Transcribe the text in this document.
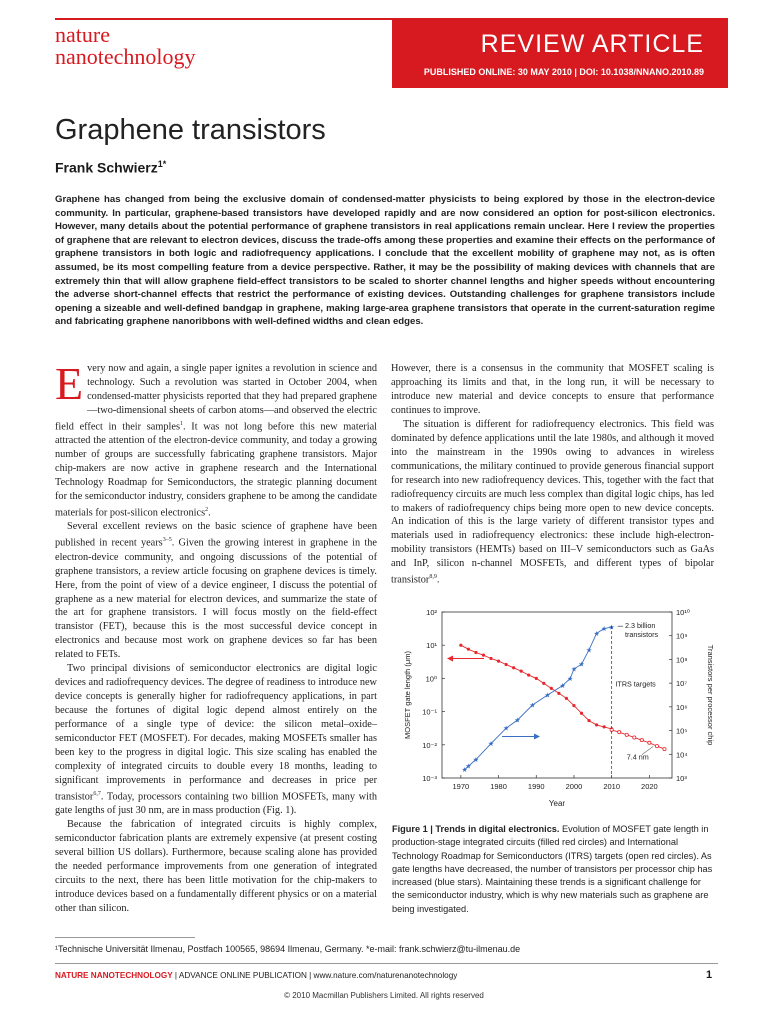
nature
nanotechnology	REVIEW ARTICLE
PUBLISHED ONLINE: 30 MAY 2010 | DOI: 10.1038/NNANO.2010.89
Graphene transistors
Frank Schwierz$^{1*}$
Graphene has changed from being the exclusive domain of condensed-matter physicists to being explored by those in the electron-device community. In particular, graphene-based transistors have developed rapidly and are now considered an option for post-silicon electronics. However, many details about the potential performance of graphene transistors in real applications remain unclear. Here I review the properties of graphene that are relevant to electron devices, discuss the trade-offs among these properties and examine their effects on the performance of graphene transistors in both logic and radiofrequency applications. I conclude that the excellent mobility of graphene may not, as is often assumed, be its most compelling feature from a device perspective. Rather, it may be the possibility of making devices with channels that are extremely thin that will allow graphene field-effect transistors to be scaled to shorter channel lengths and higher speeds without encountering the adverse short-channel effects that restrict the performance of existing devices. Outstanding challenges for graphene transistors include opening a sizeable and well-defined bandgap in graphene, making large-area graphene transistors that operate in the current-saturation regime and fabricating graphene nanoribbons with well-defined widths and clean edges.

Every now and again, a single paper ignites a revolution in science and technology. Such a revolution was started in October 2004, when condensed-matter physicists reported that they had prepared graphene—two-dimensional sheets of carbon atoms—and observed the electric field effect in their samples$^1$. It was not long before this new material attracted the attention of the electron-device community, and today a growing number of groups are successfully fabricating graphene transistors. Major chip-makers are now active in graphene research and the International Technology Roadmap for Semiconductors, the strategic planning document for the semiconductor industry, considers graphene to be among the candidate materials for post-silicon electronics$^2$.

Several excellent reviews on the basic science of graphene have been published in recent years$^{3-5}$. Given the growing interest in graphene in the electron-device community, and ongoing discussions of the potential of graphene transistors, a review article focusing on graphene devices is timely. Here, from the point of view of a device engineer, I discuss the potential of graphene as a new material for electron devices, and summarize the state of the art for graphene transistors. I will focus mostly on the field-effect transistor (FET), because this is the most successful device concept in electronics and because most work on graphene devices so far has been related to FETs.

Two principal divisions of semiconductor electronics are digital logic devices and radiofrequency devices. The degree of readiness to introduce new device concepts is generally higher for radiofrequency applications, in part because the fortunes of digital logic depend almost entirely on the performance of a single type of device: the silicon metal–oxide–semiconductor FET (MOSFET). For decades, making MOSFETs smaller has been key to the progress in digital logic. This size scaling has enabled the complexity of integrated circuits to double every 18 months, leading to significant improvements in performance and decreases in price per transistor$^{6,7}$. Today, processors containing two billion MOSFETs, many with gate lengths of just 30 nm, are in mass production (Fig. 1).

Because the fabrication of integrated circuits is highly complex, semiconductor fabrication plants are extremely expensive (at present costing several billion US dollars). Furthermore, because scaling alone has provided the needed performance improvements from one generation of integrated circuits to the next, there has been little motivation for the chip-makers to introduce devices based on a fundamentally different physics or on a material other than silicon.

However, there is a consensus in the community that MOSFET scaling is approaching its limits and that, in the long run, it will be necessary to introduce new material and device concepts to ensure that performance continues to improve.

The situation is different for radiofrequency electronics. This field was dominated by defence applications until the late 1980s, and although it moved into the mainstream in the 1990s owing to advances in wireless communications, the military continued to provide generous financial support for research into new radiofrequency devices. This, together with the fact that radiofrequency circuits are much less complex than digital logic chips, has led to makers of radiofrequency chips being more open to new device concepts. An indication of this is the large variety of different transistor types and materials used in radiofrequency electronics: these include high-electron-mobility transistors (HEMTs) based on III–V semiconductors such as GaAs and InP, silicon n-channel MOSFETs, and different types of bipolar transistor$^{8,9}$.

1970	1980	1990	2000	2010	2020
Year
10⁻³
10⁻²
10⁻¹
10⁰
10¹
10²
MOSFET gate length (μm)
10³
10⁴
10⁵
10⁶
10⁷
10⁸
10⁹
10¹⁰
Transistors per processor chip
★
★
★
★
★
★
★
★
★
★
★
★
★
★
★ ★ 2.3 billion
transistors
ITRS targets
7.4 nm
Figure 1 | Trends in digital electronics. Evolution of MOSFET gate length in production-stage integrated circuits (filled red circles) and International Technology Roadmap for Semiconductors (ITRS) targets (open red circles). As gate lengths have decreased, the number of transistors per processor chip has increased (blue stars). Maintaining these trends is a significant challenge for the semiconductor industry, which is why new materials such as graphene are being investigated.
¹Technische Universität Ilmenau, Postfach 100565, 98694 Ilmenau, Germany. *e-mail: frank.schwierz@tu-ilmenau.de
NATURE NANOTECHNOLOGY | ADVANCE ONLINE PUBLICATION | www.nature.com/naturenanotechnology	1
© 2010 Macmillan Publishers Limited. All rights reserved
